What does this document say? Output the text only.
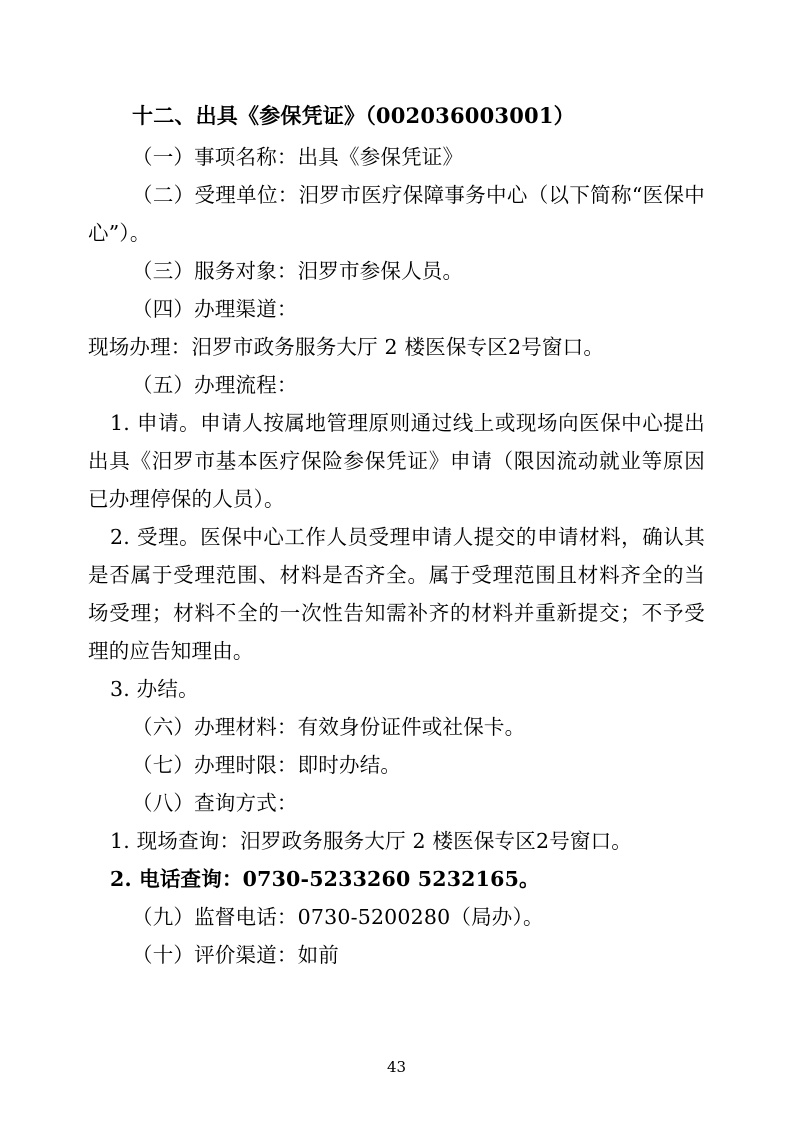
十二、出具《参保凭证》（002036003001）

（一）事项名称：出具《参保凭证》

（二）受理单位：汨罗市医疗保障事务中心（以下简称“医保中心”）。

（三）服务对象：汨罗市参保人员。

（四）办理渠道：

现场办理：汨罗市政务服务大厅 2 楼医保专区2号窗口。

（五）办理流程：

1. 申请。申请人按属地管理原则通过线上或现场向医保中心提出出具《汨罗市基本医疗保险参保凭证》申请（限因流动就业等原因已办理停保的人员）。

2. 受理。医保中心工作人员受理申请人提交的申请材料，确认其是否属于受理范围、材料是否齐全。属于受理范围且材料齐全的当场受理；材料不全的一次性告知需补齐的材料并重新提交；不予受理的应告知理由。

3. 办结。

（六）办理材料：有效身份证件或社保卡。

（七）办理时限：即时办结。

（八）查询方式：

1. 现场查询：汨罗政务服务大厅 2 楼医保专区2号窗口。

2. 电话查询：0730-5233260 5232165。

（九）监督电话：0730-5200280（局办）。

（十）评价渠道：如前

43
